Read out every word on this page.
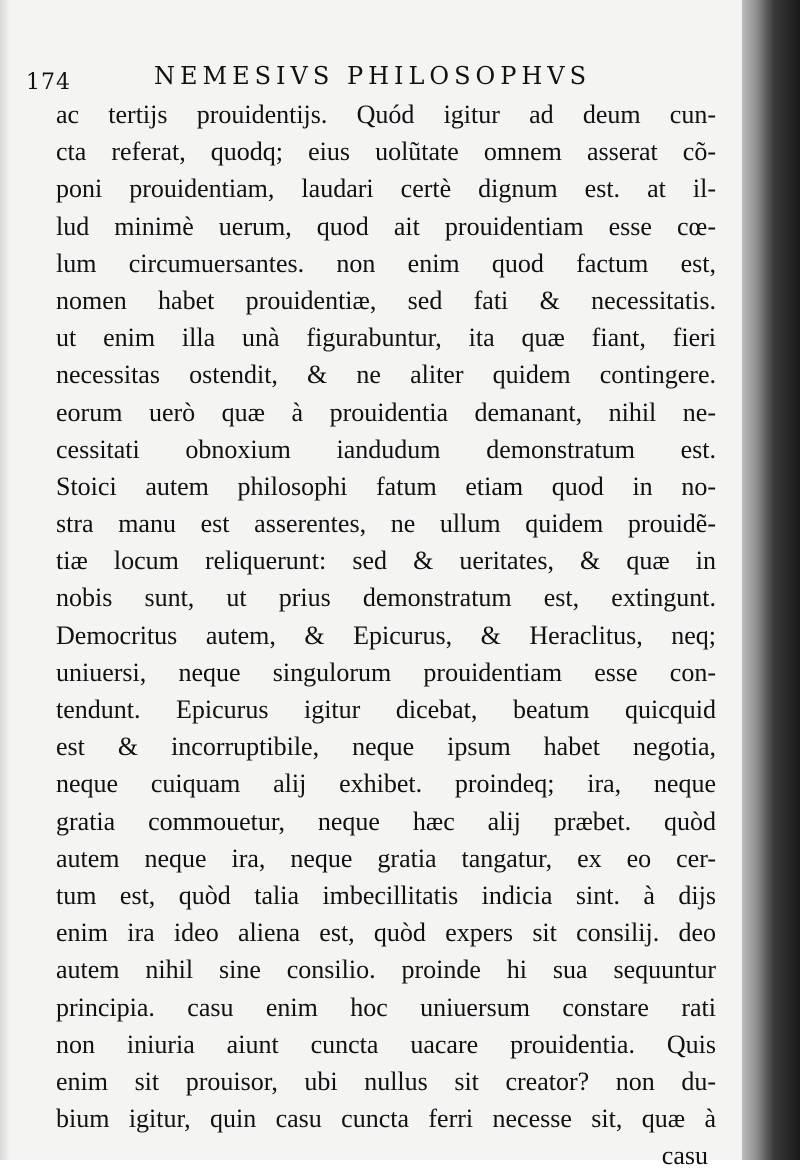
174	NEMESIVS PHILOSOPHVS
ac tertijs prouidentijs. Quód igitur ad deum cun-
cta referat, quodq; eius uolũtate omnem asserat cõ-
poni prouidentiam, laudari certè dignum est. at il-
lud minimè uerum, quod ait prouidentiam esse cœ-
lum circumuersantes. non enim quod factum est,
nomen habet prouidentiæ, sed fati & necessitatis.
ut enim illa unà figurabuntur, ita quæ fiant, fieri
necessitas ostendit, & ne aliter quidem contingere.
eorum uerò quæ à prouidentia demanant, nihil ne-
cessitati obnoxium iandudum demonstratum est.
Stoici autem philosophi fatum etiam quod in no-
stra manu est asserentes, ne ullum quidem prouidẽ-
tiæ locum reliquerunt: sed & ueritates, & quæ in
nobis sunt, ut prius demonstratum est, extingunt.
Democritus autem, & Epicurus, & Heraclitus, neq;
uniuersi, neque singulorum prouidentiam esse con-
tendunt. Epicurus igitur dicebat, beatum quicquid
est & incorruptibile, neque ipsum habet negotia,
neque cuiquam alij exhibet. proindeq; ira, neque
gratia commouetur, neque hæc alij præbet. quòd
autem neque ira, neque gratia tangatur, ex eo cer-
tum est, quòd talia imbecillitatis indicia sint. à dijs
enim ira ideo aliena est, quòd expers sit consilij. deo
autem nihil sine consilio. proinde hi sua sequuntur
principia. casu enim hoc uniuersum constare rati
non iniuria aiunt cuncta uacare prouidentia. Quis
enim sit prouisor, ubi nullus sit creator? non du-
bium igitur, quin casu cuncta ferri necesse sit, quæ à
casu
